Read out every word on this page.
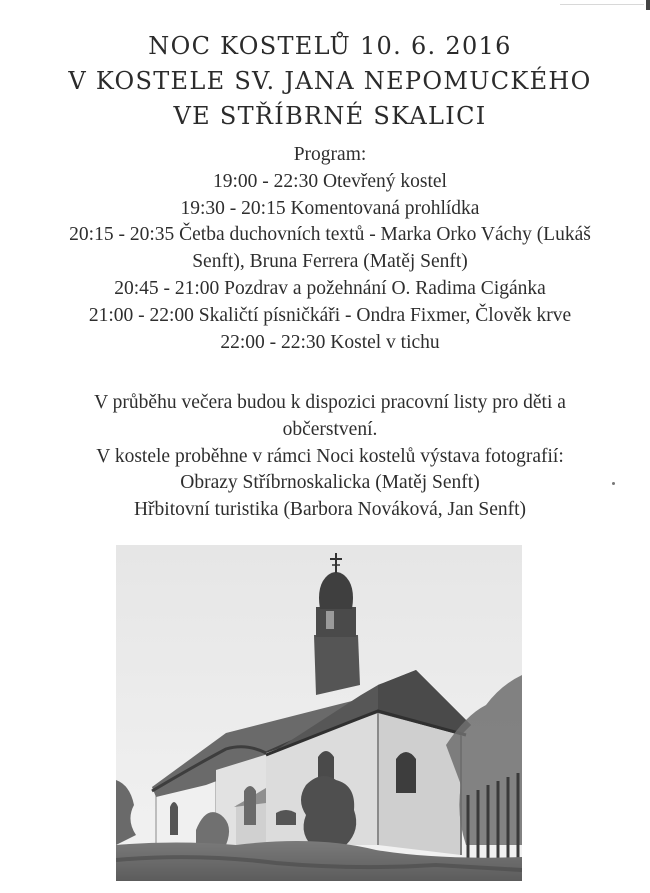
NOC KOSTELŮ 10. 6. 2016
V KOSTELE SV. JANA NEPOMUCKÉHO
VE STŘÍBRNÉ SKALICI
Program:
19:00 - 22:30 Otevřený kostel
19:30 - 20:15 Komentovaná prohlídka
20:15 - 20:35 Četba duchovních textů - Marka Orko Váchy (Lukáš
Senft), Bruna Ferrera (Matěj Senft)
20:45 - 21:00 Pozdrav a požehnání O. Radima Cigánka
21:00 - 22:00 Skaličtí písničkáři - Ondra Fixmer, Člověk krve
22:00 - 22:30 Kostel v tichu
V průběhu večera budou k dispozici pracovní listy pro děti a
občerstvení.
V kostele proběhne v rámci Noci kostelů výstava fotografií:
Obrazy Stříbrnoskalicka (Matěj Senft)
Hřbitovní turistika (Barbora Nováková, Jan Senft)
